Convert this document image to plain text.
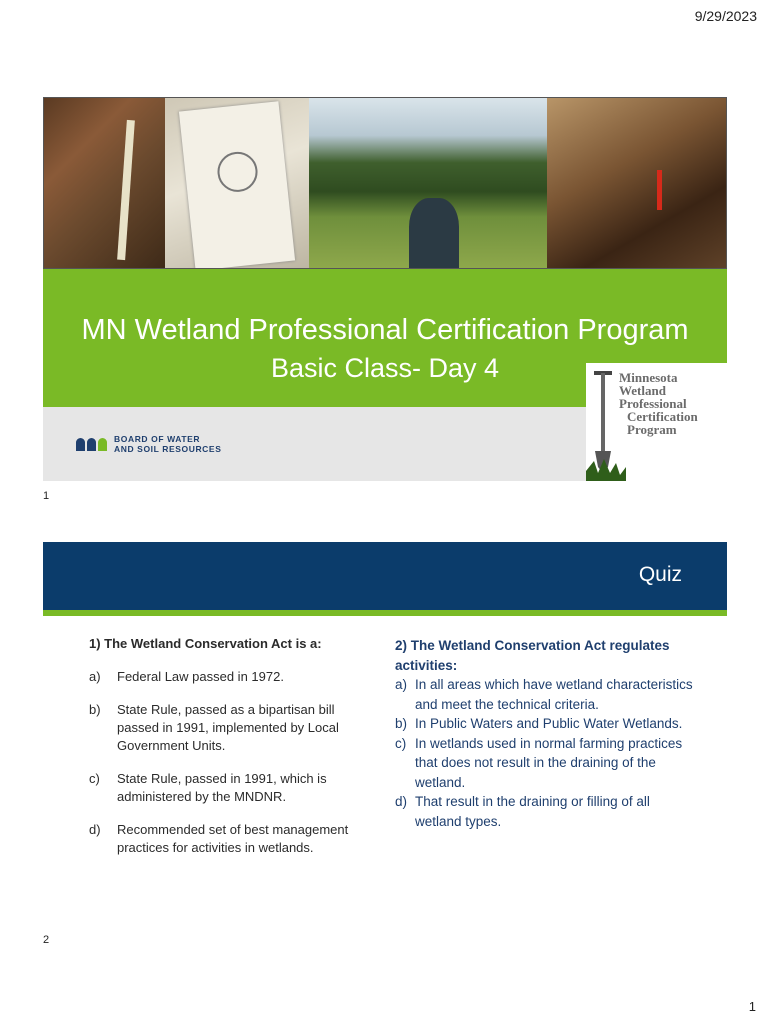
9/29/2023
MN Wetland Professional Certification Program
Basic Class- Day 4
BOARD OF WATER
AND SOIL RESOURCES
Minnesota
Wetland
Professional
Certification
Program
1
Quiz
1) The Wetland Conservation Act is a:
a)	Federal Law passed in 1972.
b)	State Rule, passed as a bipartisan bill passed in 1991, implemented by Local Government Units.
c)	State Rule, passed in 1991, which is administered by the MNDNR.
d)	Recommended set of best management practices for activities in wetlands.
2) The Wetland Conservation Act regulates activities:
a) In all areas which have wetland characteristics and meet the technical criteria.
b) In Public Waters and Public Water Wetlands.
c) In wetlands used in normal farming practices that does not result in the draining of the wetland.
d) That result in the draining or filling of all wetland types.
2
1
